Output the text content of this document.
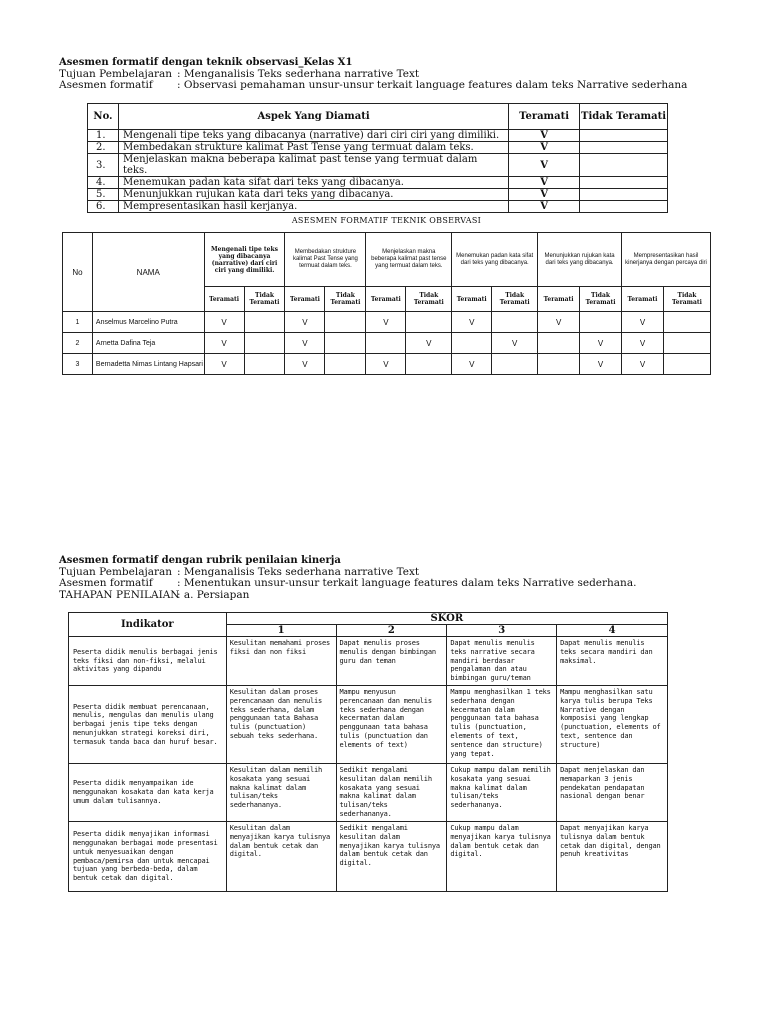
Asesmen formatif dengan teknik observasi_Kelas X1
Tujuan Pembelajaran : Menganalisis Teks sederhana narrative Text
Asesmen formatif	: Observasi pemahaman unsur-unsur terkait language features dalam teks Narrative sederhana
No.	Aspek Yang Diamati	Teramati	Tidak Teramati
1.	Mengenali tipe teks yang dibacanya (narrative) dari ciri ciri yang dimiliki.	V	
2.	Membedakan strukture kalimat Past Tense yang termuat dalam teks.	V	
3.	Menjelaskan makna beberapa kalimat past tense yang termuat dalam teks.	V	
4.	Menemukan padan kata sifat dari teks yang dibacanya.	V	
5.	Menunjukkan rujukan kata dari teks yang dibacanya.	V	
6.	Mempresentasikan hasil kerjanya.	V	
ASESMEN FORMATIF TEKNIK OBSERVASI
No	NAMA	Mengenali tipe teks yang dibacanya (narrative) dari ciri ciri yang dimiliki.		Membedakan strukture kalimat Past Tense yang termuat dalam teks.		Menjelaskan makna beberapa kalimat past tense yang termuat dalam teks.		Menemukan padan kata sifat dari teks yang dibacanya.		Menunjukkan rujukan kata dari teks yang dibacanya.		Mempresentasikan hasil kinerjanya dengan percaya diri	
		Teramati	Tidak Teramati	Teramati	Tidak Teramati	Teramati	Tidak Teramati	Teramati	Tidak Teramati	Teramati	Tidak Teramati	Teramati	Tidak Teramati
1	Anselmus Marcelino Putra	V		V		V		V		V		V	
2	Arnetta Dafina Teja	V		V			V		V		V	V	
3	Bernadetta Nimas Lintang Hapsari	V		V		V		V			V	V	
Asesmen formatif dengan rubrik penilaian kinerja
Tujuan Pembelajaran : Menganalisis Teks sederhana narrative Text
Asesmen formatif	: Menentukan unsur-unsur terkait language features dalam teks Narrative sederhana.
TAHAPAN PENILAIAN
: a. Persiapan
Indikator	SKOR			
	1	2	3	4
Peserta didik menulis berbagai jenis teks fiksi dan non-fiksi, melalui aktivitas yang dipandu	Kesulitan memahami proses fiksi dan non fiksi	Dapat menulis proses menulis dengan bimbingan guru dan teman	Dapat menulis menulis teks narrative secara mandiri berdasar pengalaman dan atau bimbingan guru/teman	Dapat menulis menulis teks secara mandiri dan maksimal.
Peserta didik membuat perencanaan, menulis, mengulas dan menulis ulang berbagai jenis tipe teks dengan menunjukkan strategi koreksi diri, termasuk tanda baca dan huruf besar.	Kesulitan dalam proses perencanaan dan menulis teks sederhana, dalam penggunaan tata Bahasa tulis (punctuation) sebuah teks sederhana.	Mampu menyusun perencanaan dan menulis teks sederhana dengan kecermatan dalam penggunaan tata bahasa tulis (punctuation dan elements of text)	Mampu menghasilkan 1 teks sederhana dengan kecermatan dalam penggunaan tata bahasa tulis (punctuation, elements of text, sentence dan structure) yang tepat.	Mampu menghasilkan satu karya tulis berupa Teks Narrative dengan komposisi yang lengkap (punctuation, elements of text, sentence dan structure)
Peserta didik menyampaikan ide menggunakan kosakata dan kata kerja umum dalam tulisannya.	Kesulitan dalam memilih kosakata yang sesuai makna kalimat dalam tulisan/teks sederhananya.	Sedikit mengalami kesulitan dalam memilih kosakata yang sesuai makna kalimat dalam tulisan/teks sederhananya.	Cukup mampu dalam memilih kosakata yang sesuai makna kalimat dalam tulisan/teks sederhananya.	Dapat menjelaskan dan memaparkan 3 jenis pendekatan pendapatan nasional dengan benar
Peserta didik menyajikan informasi menggunakan berbagai mode presentasi untuk menyesuaikan dengan pembaca/pemirsa dan untuk mencapai tujuan yang berbeda-beda, dalam bentuk cetak dan digital.	Kesulitan dalam menyajikan karya tulisnya dalam bentuk cetak dan digital.	Sedikit mengalami kesulitan dalam menyajikan karya tulisnya dalam bentuk cetak dan digital.	Cukup mampu dalam menyajikan karya tulisnya dalam bentuk cetak dan digital.	Dapat menyajikan karya tulisnya dalam bentuk cetak dan digital, dengan penuh kreativitas
